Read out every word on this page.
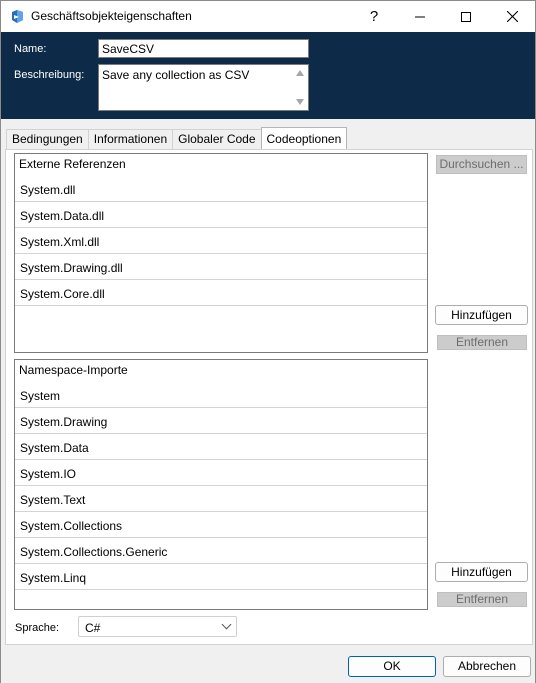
Geschäftsobjekteigenschaften	?
Name:
SaveCSV
Beschreibung: Save any collection as CSV
Bedingungen Informationen Globaler Code Codeoptionen
Externe Referenzen
System.dll
System.Data.dll
System.Xml.dll
System.Drawing.dll
System.Core.dll
Durchsuchen ...
Hinzufügen
Entfernen
Namespace-Importe
System
System.Drawing
System.Data
System.IO
System.Text
System.Collections
System.Collections.Generic
System.Linq	Hinzufügen
Entfernen
Sprache: C#
OK	Abbrechen
